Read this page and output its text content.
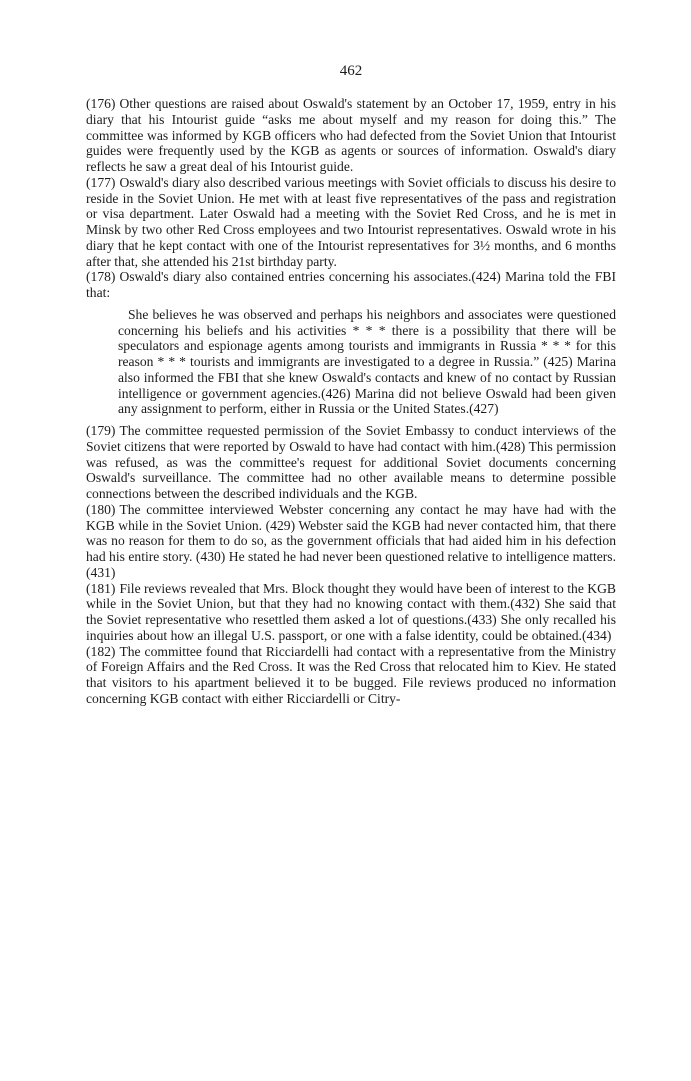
462

(176) Other questions are raised about Oswald's statement by an October 17, 1959, entry in his diary that his Intourist guide “asks me about myself and my reason for doing this.” The committee was informed by KGB officers who had defected from the Soviet Union that Intourist guides were frequently used by the KGB as agents or sources of information. Oswald's diary reflects he saw a great deal of his Intourist guide.

(177) Oswald's diary also described various meetings with Soviet officials to discuss his desire to reside in the Soviet Union. He met with at least five representatives of the pass and registration or visa department. Later Oswald had a meeting with the Soviet Red Cross, and he is met in Minsk by two other Red Cross employees and two Intourist representatives. Oswald wrote in his diary that he kept contact with one of the Intourist representatives for 3½ months, and 6 months after that, she attended his 21st birthday party.

(178) Oswald's diary also contained entries concerning his associates.(424) Marina told the FBI that:

She believes he was observed and perhaps his neighbors and associates were questioned concerning his beliefs and his activities * * * there is a possibility that there will be speculators and espionage agents among tourists and immigrants in Russia * * * for this reason * * * tourists and immigrants are investigated to a degree in Russia.” (425) Marina also informed the FBI that she knew Oswald's contacts and knew of no contact by Russian intelligence or government agencies.(426) Marina did not believe Oswald had been given any assignment to perform, either in Russia or the United States.(427)

(179) The committee requested permission of the Soviet Embassy to conduct interviews of the Soviet citizens that were reported by Oswald to have had contact with him.(428) This permission was refused, as was the committee's request for additional Soviet documents concerning Oswald's surveillance. The committee had no other available means to determine possible connections between the described individuals and the KGB.

(180) The committee interviewed Webster concerning any contact he may have had with the KGB while in the Soviet Union. (429) Webster said the KGB had never contacted him, that there was no reason for them to do so, as the government officials that had aided him in his defection had his entire story. (430) He stated he had never been questioned relative to intelligence matters.(431)

(181) File reviews revealed that Mrs. Block thought they would have been of interest to the KGB while in the Soviet Union, but that they had no knowing contact with them.(432) She said that the Soviet representative who resettled them asked a lot of questions.(433) She only recalled his inquiries about how an illegal U.S. passport, or one with a false identity, could be obtained.(434)

(182) The committee found that Ricciardelli had contact with a representative from the Ministry of Foreign Affairs and the Red Cross. It was the Red Cross that relocated him to Kiev. He stated that visitors to his apartment believed it to be bugged. File reviews produced no information concerning KGB contact with either Ricciardelli or Citry-
